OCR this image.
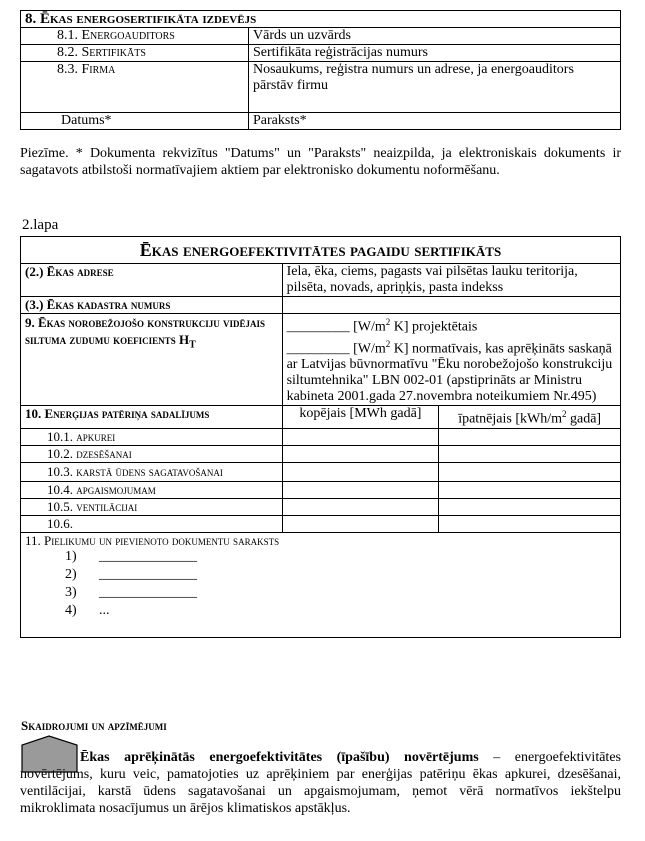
8. Ēkas energosertifikāta izdevējs	
8.1. Energoauditors	Vārds un uzvārds
8.2. Sertifikāts	Sertifikāta reģistrācijas numurs
8.3. Firma	Nosaukums, reģistra numurs un adrese, ja energoauditors pārstāv firmu
Datums*	Paraksts*
Piezīme. * Dokumenta rekvizītus "Datums" un "Paraksts" neaizpilda, ja elektroniskais dokuments ir sagatavots atbilstoši normatīvajiem aktiem par elektronisko dokumentu noformēšanu.
2.lapa
Ēkas energoefektivitātes pagaidu sertifikāts		
(2.) Ēkas adrese	Iela, ēka, ciems, pagasts vai pilsētas lauku teritorija, pilsēta, novads, apriņķis, pasta indekss	
(3.) Ēkas kadastra numurs		
9. Ēkas norobežojošo konstrukciju vidējais siltuma zudumu koeficients $H_T$	_________ [$W/m^2$ K] projektētais
_________ [$W/m^2$ K] normatīvais, kas aprēķināts saskaņā ar Latvijas būvnormatīvu "Ēku norobežojošo konstrukciju siltumtehnika" LBN 002-01 (apstiprināts ar Ministru kabineta 2001.gada 27.novembra noteikumiem Nr.495)	
10. Enerģijas patēriņa sadalījums	kopējais [MWh gadā]	īpatnējais [$kWh/m^2$ gadā]
10.1. apkurei		
10.2. dzesēšanai		
10.3. karstā ūdens sagatavošanai		
10.4. apgaismojumam		
10.5. ventilācijai		
10.6.		

11. Pielikumu un pievienoto dokumentu saraksts
1) ______________
2) ______________
3) ______________
4) ...		
Skaidrojumi un apzīmējumi
Ēkas aprēķinātās energoefektivitātes (īpašību) novērtējums – energoefektivitātes novērtējums, kuru veic, pamatojoties uz aprēķiniem par enerģijas patēriņu ēkas apkurei, dzesēšanai, ventilācijai, karstā ūdens sagatavošanai un apgaismojumam, ņemot vērā normatīvos iekštelpu mikroklimata nosacījumus un ārējos klimatiskos apstākļus.
